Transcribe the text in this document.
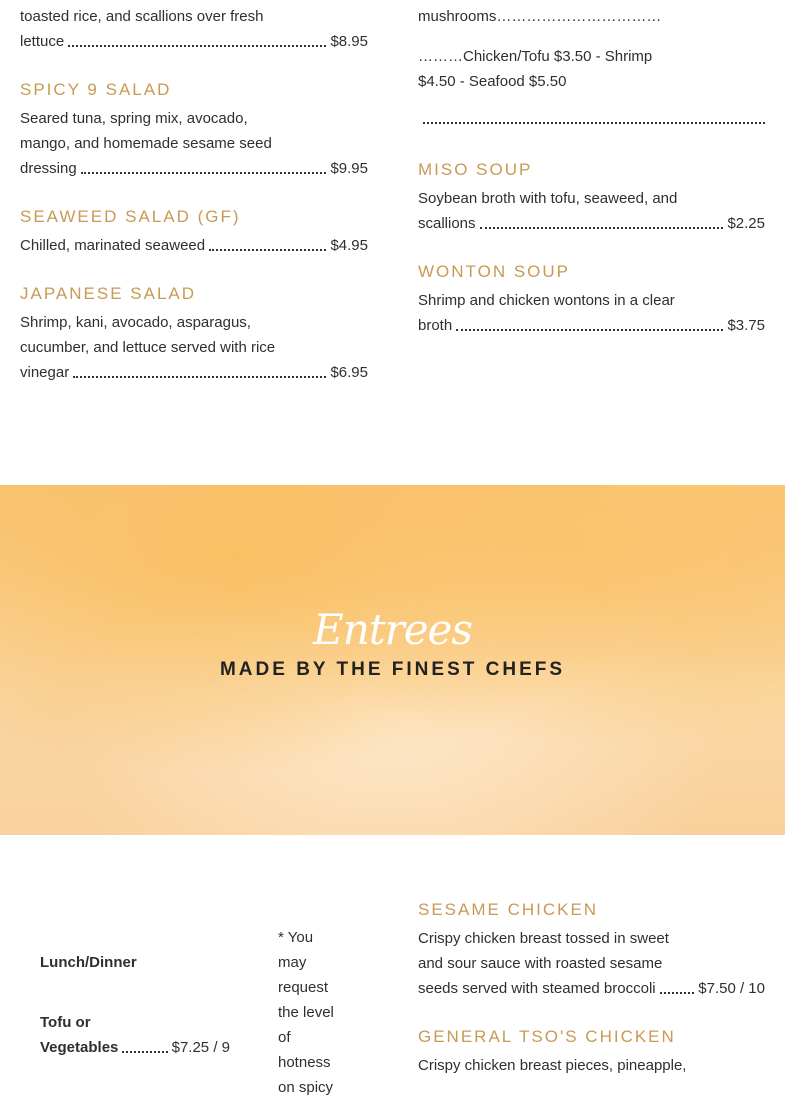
toasted rice, and scallions over fresh
lettuce	$8.95
SPICY 9 SALAD
Seared tuna, spring mix, avocado,
mango, and homemade sesame seed
dressing	$9.95
SEAWEED SALAD (GF)
Chilled, marinated seaweed	$4.95
JAPANESE SALAD
Shrimp, kani, avocado, asparagus,
cucumber, and lettuce served with rice
vinegar	$6.95
mushrooms……………………………
………Chicken/Tofu $3.50 - Shrimp
$4.50 - Seafood $5.50
MISO SOUP
Soybean broth with tofu, seaweed, and
scallions	$2.25
WONTON SOUP
Shrimp and chicken wontons in a clear
broth	$3.75
Entrees
MADE BY THE FINEST CHEFS
Lunch/Dinner
Tofu or
Vegetables	$7.25 / 9
* You
may
request
the level
of
hotness
on spicy
SESAME CHICKEN
Crispy chicken breast tossed in sweet
and sour sauce with roasted sesame
seeds served with steamed broccoli	$7.50 / 10
GENERAL TSO'S CHICKEN
Crispy chicken breast pieces, pineapple,
